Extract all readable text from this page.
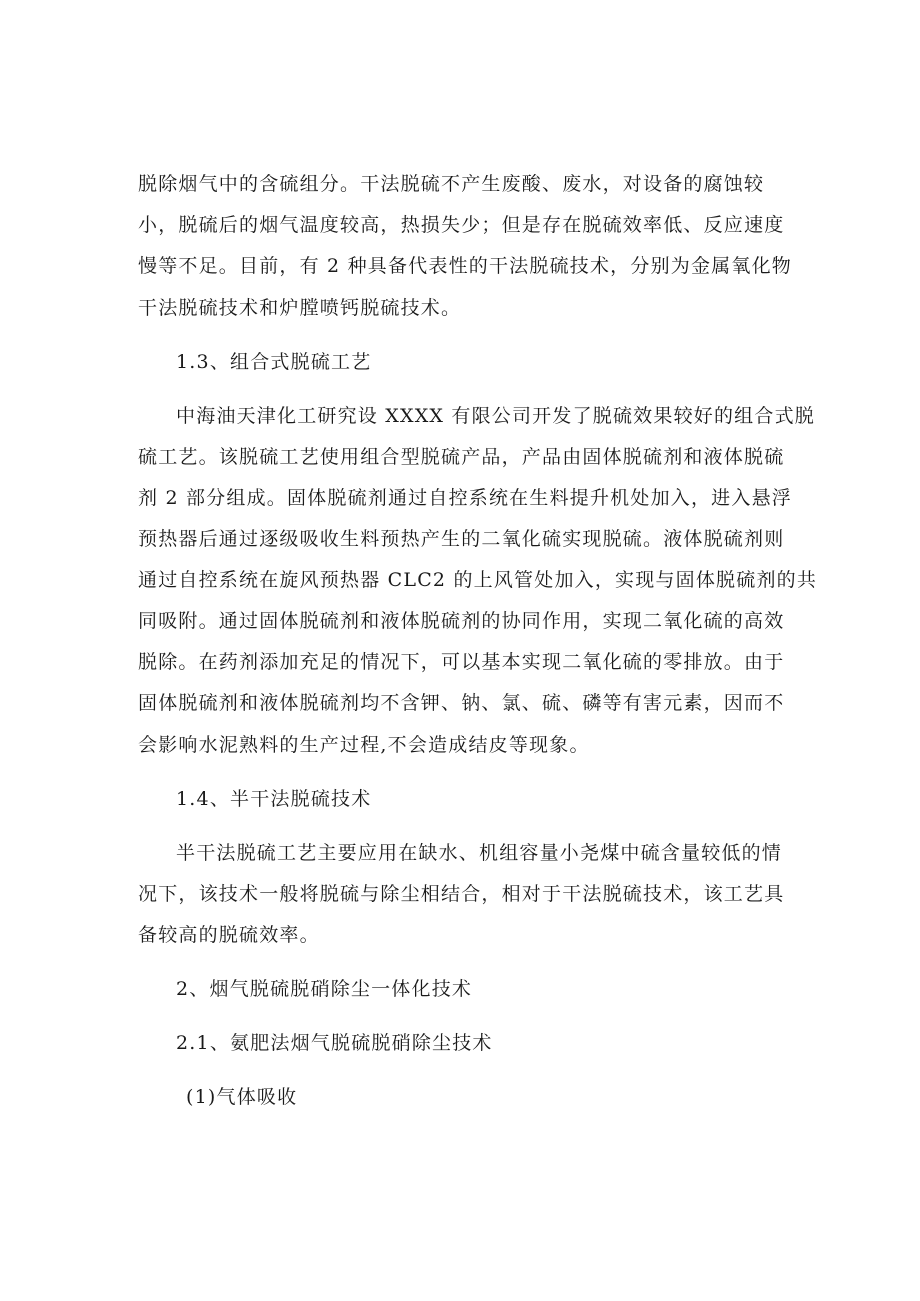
脱除烟气中的含硫组分。干法脱硫不产生废酸、废水，对设备的腐蚀较
小，脱硫后的烟气温度较高，热损失少；但是存在脱硫效率低、反应速度
慢等不足。目前，有 2 种具备代表性的干法脱硫技术，分别为金属氧化物
干法脱硫技术和炉膛喷钙脱硫技术。
1.3、组合式脱硫工艺
中海油天津化工研究设 XXXX 有限公司开发了脱硫效果较好的组合式脱
硫工艺。该脱硫工艺使用组合型脱硫产品，产品由固体脱硫剂和液体脱硫
剂 2 部分组成。固体脱硫剂通过自控系统在生料提升机处加入，进入悬浮
预热器后通过逐级吸收生料预热产生的二氧化硫实现脱硫。液体脱硫剂则
通过自控系统在旋风预热器 CLC2 的上风管处加入，实现与固体脱硫剂的共
同吸附。通过固体脱硫剂和液体脱硫剂的协同作用，实现二氧化硫的高效
脱除。在药剂添加充足的情况下，可以基本实现二氧化硫的零排放。由于
固体脱硫剂和液体脱硫剂均不含钾、钠、氯、硫、磷等有害元素，因而不
会影响水泥熟料的生产过程,不会造成结皮等现象。
1.4、半干法脱硫技术
半干法脱硫工艺主要应用在缺水、机组容量小尧煤中硫含量较低的情
况下，该技术一般将脱硫与除尘相结合，相对于干法脱硫技术，该工艺具
备较高的脱硫效率。
2、烟气脱硫脱硝除尘一体化技术
2.1、氨肥法烟气脱硫脱硝除尘技术
(1)气体吸收
